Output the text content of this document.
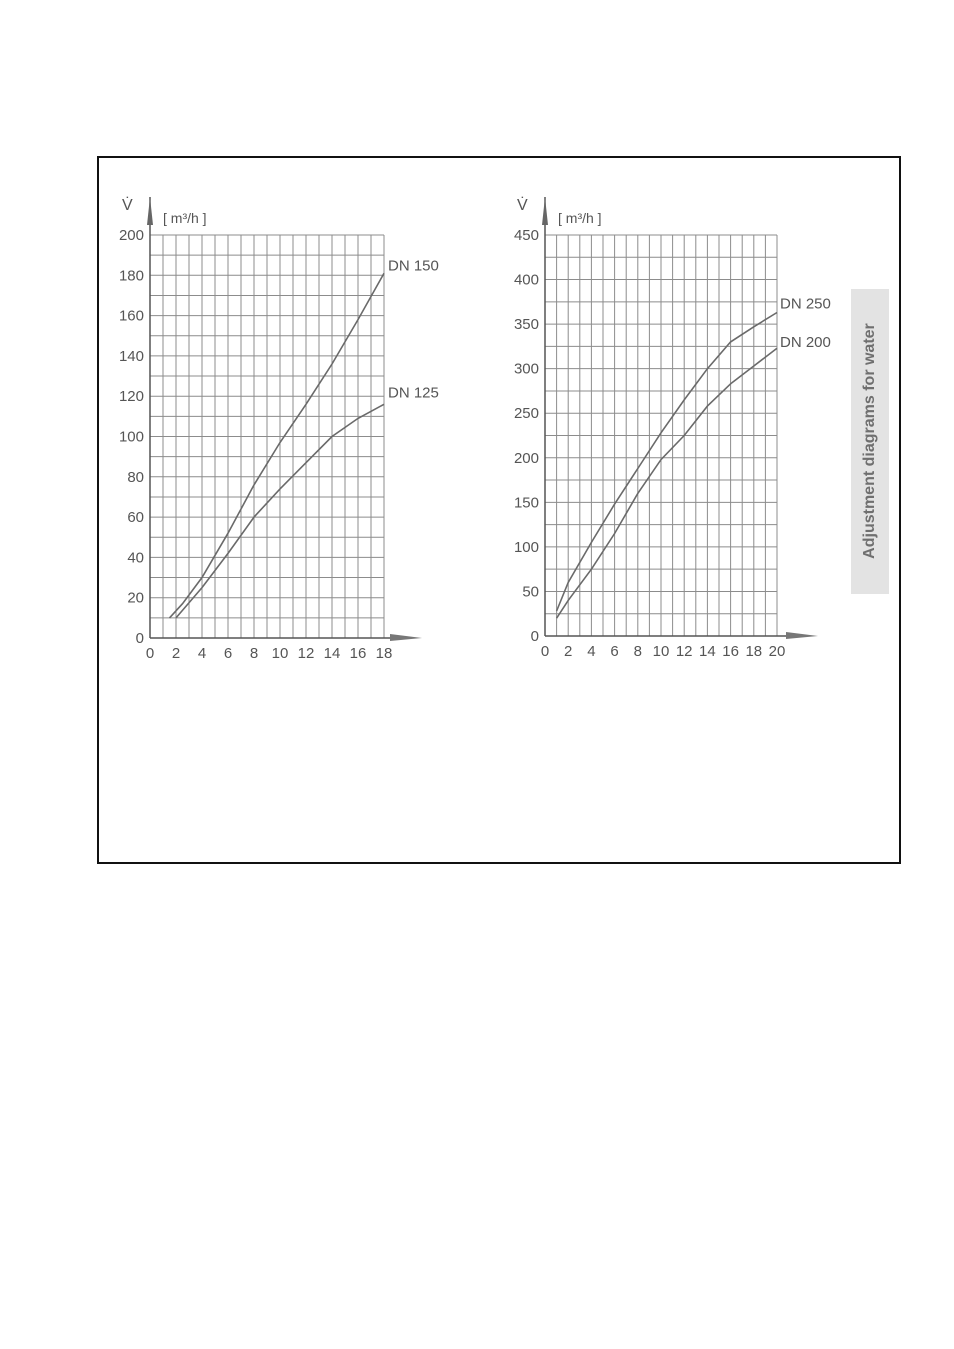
Adjustment diagrams for water
V̇
[ m³/h ]
0 2 4 6 8 10 12 14 16 18
0
20
40
60
80
100
120
140
160
180
200
DN 150
DN 125
V̇
[ m³/h ]
0 2 4 6 8 10 12 14 16 18 20
0
50
100
150
200
250
300
350
400
450
DN 250
DN 200
